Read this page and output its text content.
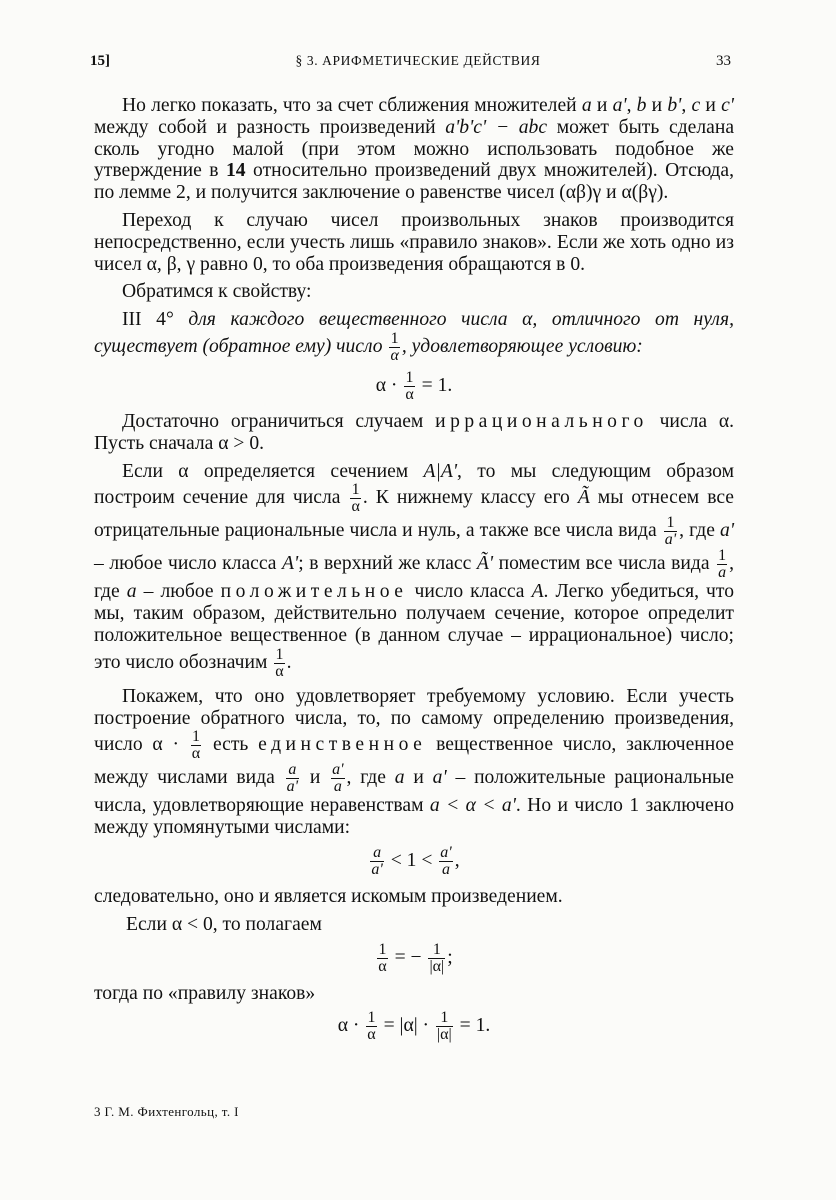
15]	§ 3. АРИФМЕТИЧЕСКИЕ ДЕЙСТВИЯ	33

Но легко показать, что за счет сближения множителей a и a', b и b', c и c' между собой и разность произведений a'b'c' − abc может быть сделана сколь угодно малой (при этом можно использовать подобное же утверждение в 14 относительно произведений двух множителей). Отсюда, по лемме 2, и получится заключение о равенстве чисел (αβ)γ и α(βγ).

Переход к случаю чисел произвольных знаков производится непосредственно, если учесть лишь «правило знаков». Если же хоть одно из чисел α, β, γ равно 0, то оба произведения обращаются в 0.

Обратимся к свойству:

III 4° для каждого вещественного числа α, отличного от нуля, существует (обратное ему) число $\frac{1}{\alpha}$ , удовлетворяющее условию:

$\alpha \cdot \frac{1}{\alpha} = 1$.

Достаточно ограничиться случаем иррационального числа α. Пусть сначала α > 0.

Если α определяется сечением A|A', то мы следующим образом построим сечение для числа $\frac{1}{\alpha}$ . К нижнему классу его Ã мы отнесем все отрицательные рациональные числа и нуль, а также все числа вида $\frac{1}{a'}$ , где a' – любое число класса A'; в верхний же класс Ã' поместим все числа вида $\frac{1}{a}$ , где a – любое положительное число класса A. Легко убедиться, что мы, таким образом, действительно получаем сечение, которое определит положительное вещественное (в данном случае – иррациональное) число; это число обозначим $\frac{1}{\alpha}$ .

Покажем, что оно удовлетворяет требуемому условию. Если учесть построение обратного числа, то, по самому определению произведения, число $\alpha \cdot \frac{1}{\alpha}$ есть единственное вещественное число, заключенное между числами вида $\frac{a}{a'}$ и $\frac{a'}{a}$ , где a и a' – положительные рациональные числа, удовлетворяющие неравенствам a < α < a'. Но и число 1 заключено между упомянутыми числами:

$\frac{a}{a'} < 1 < \frac{a'}{a}$ ,

следовательно, оно и является искомым произведением.

Если α < 0, то полагаем

$\frac{1}{\alpha}$ = − $\frac{1}{|\alpha|}$ ;

тогда по «правилу знаков»

$\alpha \cdot \frac{1}{\alpha} = |\alpha| \cdot \frac{1}{|\alpha|} = 1$.
3 Г. М. Фихтенгольц, т. I
